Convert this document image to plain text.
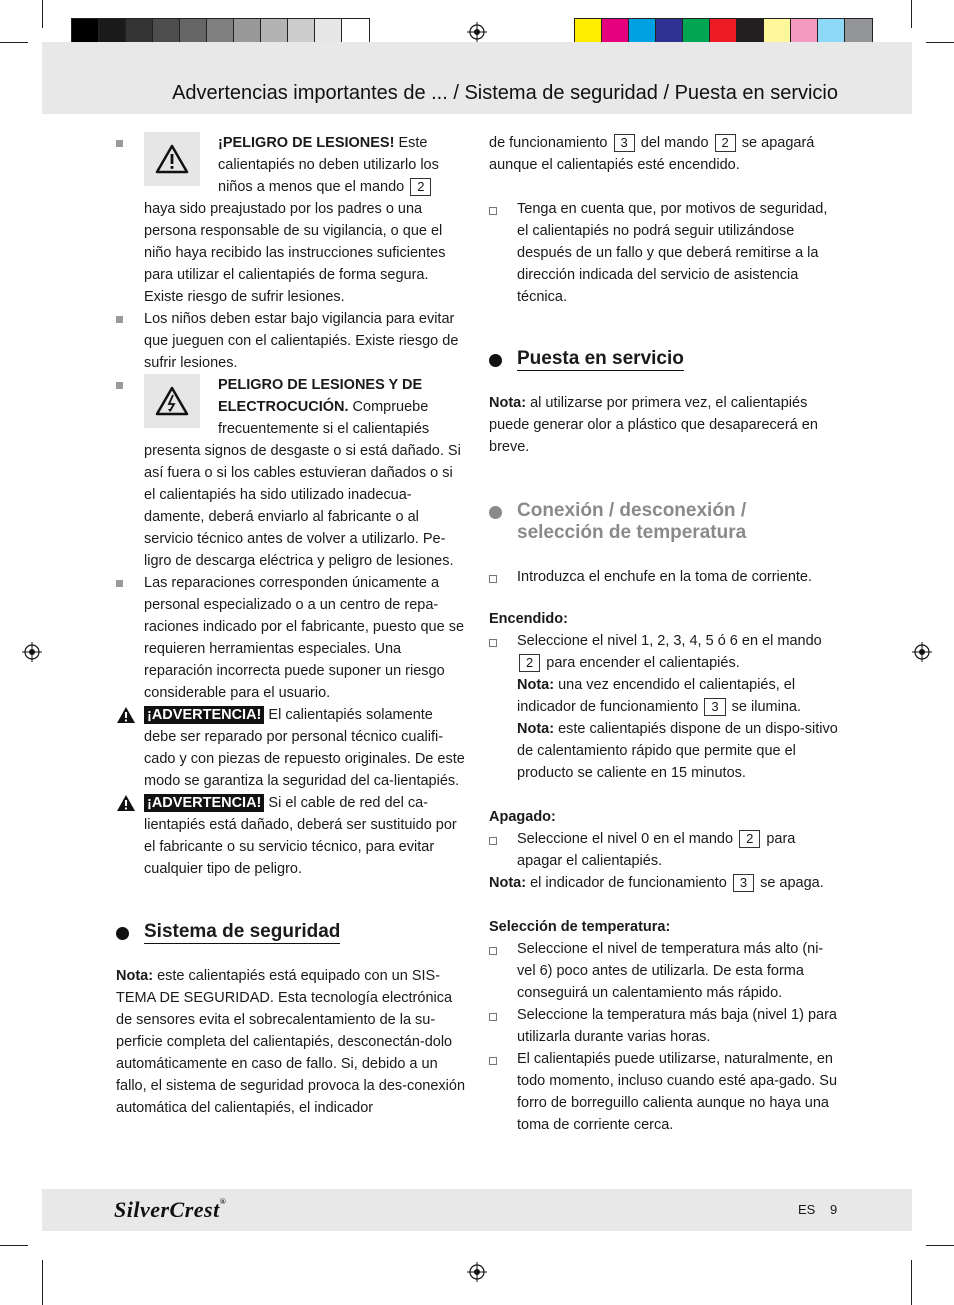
Advertencias importantes de ... / Sistema de seguridad / Puesta en servicio

¡PELIGRO DE LESIONES! Este calientapiés no deben utilizarlo los niños a menos que el mando 2 haya sido preajustado por los padres o una persona responsable de su vigilancia, o que el niño haya recibido las instrucciones suficientes para utilizar el calientapiés de forma segura. Existe riesgo de sufrir lesiones.

Los niños deben estar bajo vigilancia para evitar que jueguen con el calientapiés. Existe riesgo de sufrir lesiones.

PELIGRO DE LESIONES Y DE ELECTROCUCIÓN. Compruebe frecuentemente si el calientapiés presenta signos de desgaste o si está dañado. Si así fuera o si los cables estuvieran dañados o si el calientapiés ha sido utilizado inadecua-damente, deberá enviarlo al fabricante o al servicio técnico antes de volver a utilizarlo. Pe-ligro de descarga eléctrica y peligro de lesiones.

Las reparaciones corresponden únicamente a personal especializado o a un centro de repa-raciones indicado por el fabricante, puesto que se requieren herramientas especiales. Una reparación incorrecta puede suponer un riesgo considerable para el usuario.

¡ADVERTENCIA! El calientapiés solamente debe ser reparado por personal técnico cualifi-cado y con piezas de repuesto originales. De este modo se garantiza la seguridad del ca-lientapiés.

¡ADVERTENCIA! Si el cable de red del ca-lientapiés está dañado, deberá ser sustituido por el fabricante o su servicio técnico, para evitar cualquier tipo de peligro.

Sistema de seguridad

Nota: este calientapiés está equipado con un SIS-TEMA DE SEGURIDAD. Esta tecnología electrónica de sensores evita el sobrecalentamiento de la su-perficie completa del calientapiés, desconectán-dolo automáticamente en caso de fallo. Si, debido a un fallo, el sistema de seguridad provoca la des-conexión automática del calientapiés, el indicador

de funcionamiento 3 del mando 2 se apagará aunque el calientapiés esté encendido.

Tenga en cuenta que, por motivos de seguridad, el calientapiés no podrá seguir utilizándose después de un fallo y que deberá remitirse a la dirección indicada del servicio de asistencia técnica.

Puesta en servicio

Nota: al utilizarse por primera vez, el calientapiés puede generar olor a plástico que desaparecerá en breve.

Conexión / desconexión /
selección de temperatura

Introduzca el enchufe en la toma de corriente.

Encendido:

Seleccione el nivel 1, 2, 3, 4, 5 ó 6 en el mando 2 para encender el calientapiés.

Nota: una vez encendido el calientapiés, el indicador de funcionamiento 3 se ilumina.

Nota: este calientapiés dispone de un dispo-sitivo de calentamiento rápido que permite que el producto se caliente en 15 minutos.

Apagado:

Seleccione el nivel 0 en el mando 2 para apagar el calientapiés.

Nota: el indicador de funcionamiento 3 se apaga.

Selección de temperatura:

Seleccione el nivel de temperatura más alto (ni-vel 6) poco antes de utilizarla. De esta forma conseguirá un calentamiento más rápido.

Seleccione la temperatura más baja (nivel 1) para utilizarla durante varias horas.

El calientapiés puede utilizarse, naturalmente, en todo momento, incluso cuando esté apa-gado. Su forro de borreguillo calienta aunque no haya una toma de corriente cerca.

SilverCrest®
ES 9
